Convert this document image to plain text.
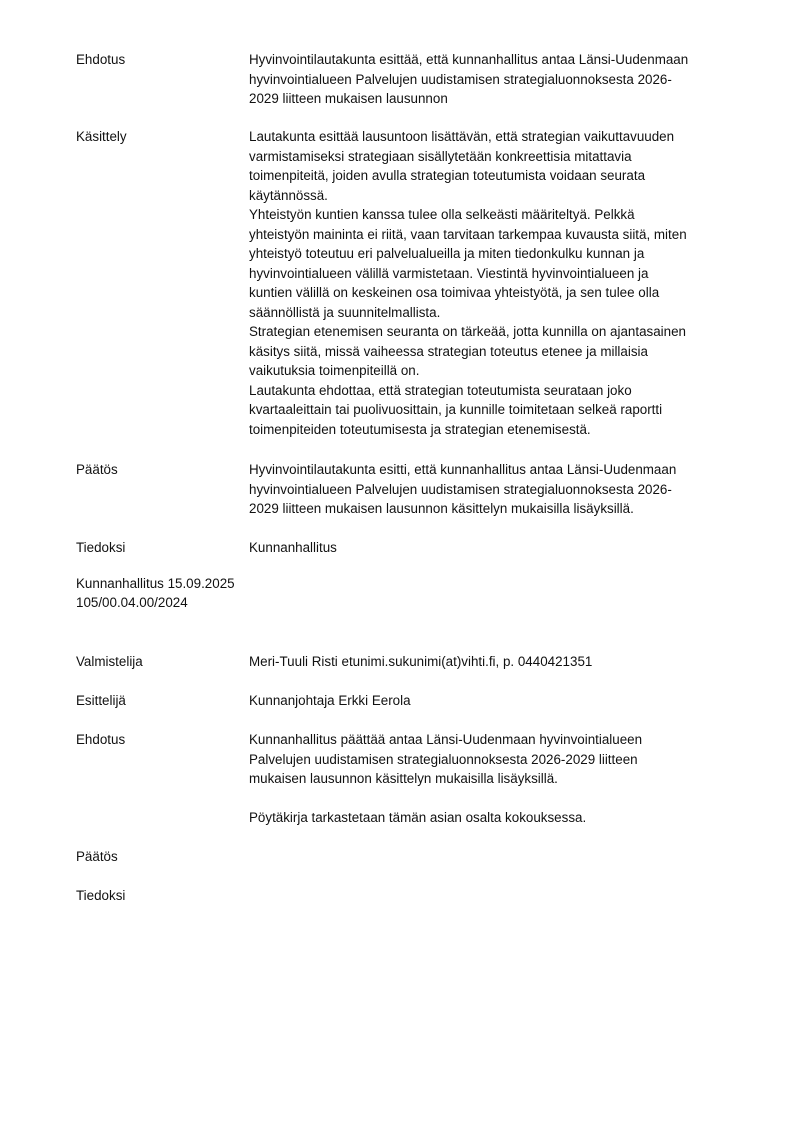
Ehdotus	Hyvinvointilautakunta esittää, että kunnanhallitus antaa Länsi-Uudenmaan
hyvinvointialueen Palvelujen uudistamisen strategialuonnoksesta 2026-
2029 liitteen mukaisen lausunnon
Käsittely	Lautakunta esittää lausuntoon lisättävän, että strategian vaikuttavuuden
varmistamiseksi strategiaan sisällytetään konkreettisia mitattavia
toimenpiteitä, joiden avulla strategian toteutumista voidaan seurata
käytännössä.
Yhteistyön kuntien kanssa tulee olla selkeästi määriteltyä. Pelkkä
yhteistyön maininta ei riitä, vaan tarvitaan tarkempaa kuvausta siitä, miten
yhteistyö toteutuu eri palvelualueilla ja miten tiedonkulku kunnan ja
hyvinvointialueen välillä varmistetaan. Viestintä hyvinvointialueen ja
kuntien välillä on keskeinen osa toimivaa yhteistyötä, ja sen tulee olla
säännöllistä ja suunnitelmallista.
Strategian etenemisen seuranta on tärkeää, jotta kunnilla on ajantasainen
käsitys siitä, missä vaiheessa strategian toteutus etenee ja millaisia
vaikutuksia toimenpiteillä on.
Lautakunta ehdottaa, että strategian toteutumista seurataan joko
kvartaaleittain tai puolivuosittain, ja kunnille toimitetaan selkeä raportti
toimenpiteiden toteutumisesta ja strategian etenemisestä.
Päätös	Hyvinvointilautakunta esitti, että kunnanhallitus antaa Länsi-Uudenmaan
hyvinvointialueen Palvelujen uudistamisen strategialuonnoksesta 2026-
2029 liitteen mukaisen lausunnon käsittelyn mukaisilla lisäyksillä.
Tiedoksi	Kunnanhallitus
Kunnanhallitus 15.09.2025
105/00.04.00/2024
Valmistelija	Meri-Tuuli Risti etunimi.sukunimi(at)vihti.fi, p. 0440421351
Esittelijä	Kunnanjohtaja Erkki Eerola
Ehdotus	Kunnanhallitus päättää antaa Länsi-Uudenmaan hyvinvointialueen
Palvelujen uudistamisen strategialuonnoksesta 2026-2029 liitteen
mukaisen lausunnon käsittelyn mukaisilla lisäyksillä.
Pöytäkirja tarkastetaan tämän asian osalta kokouksessa.
Päätös
Tiedoksi
